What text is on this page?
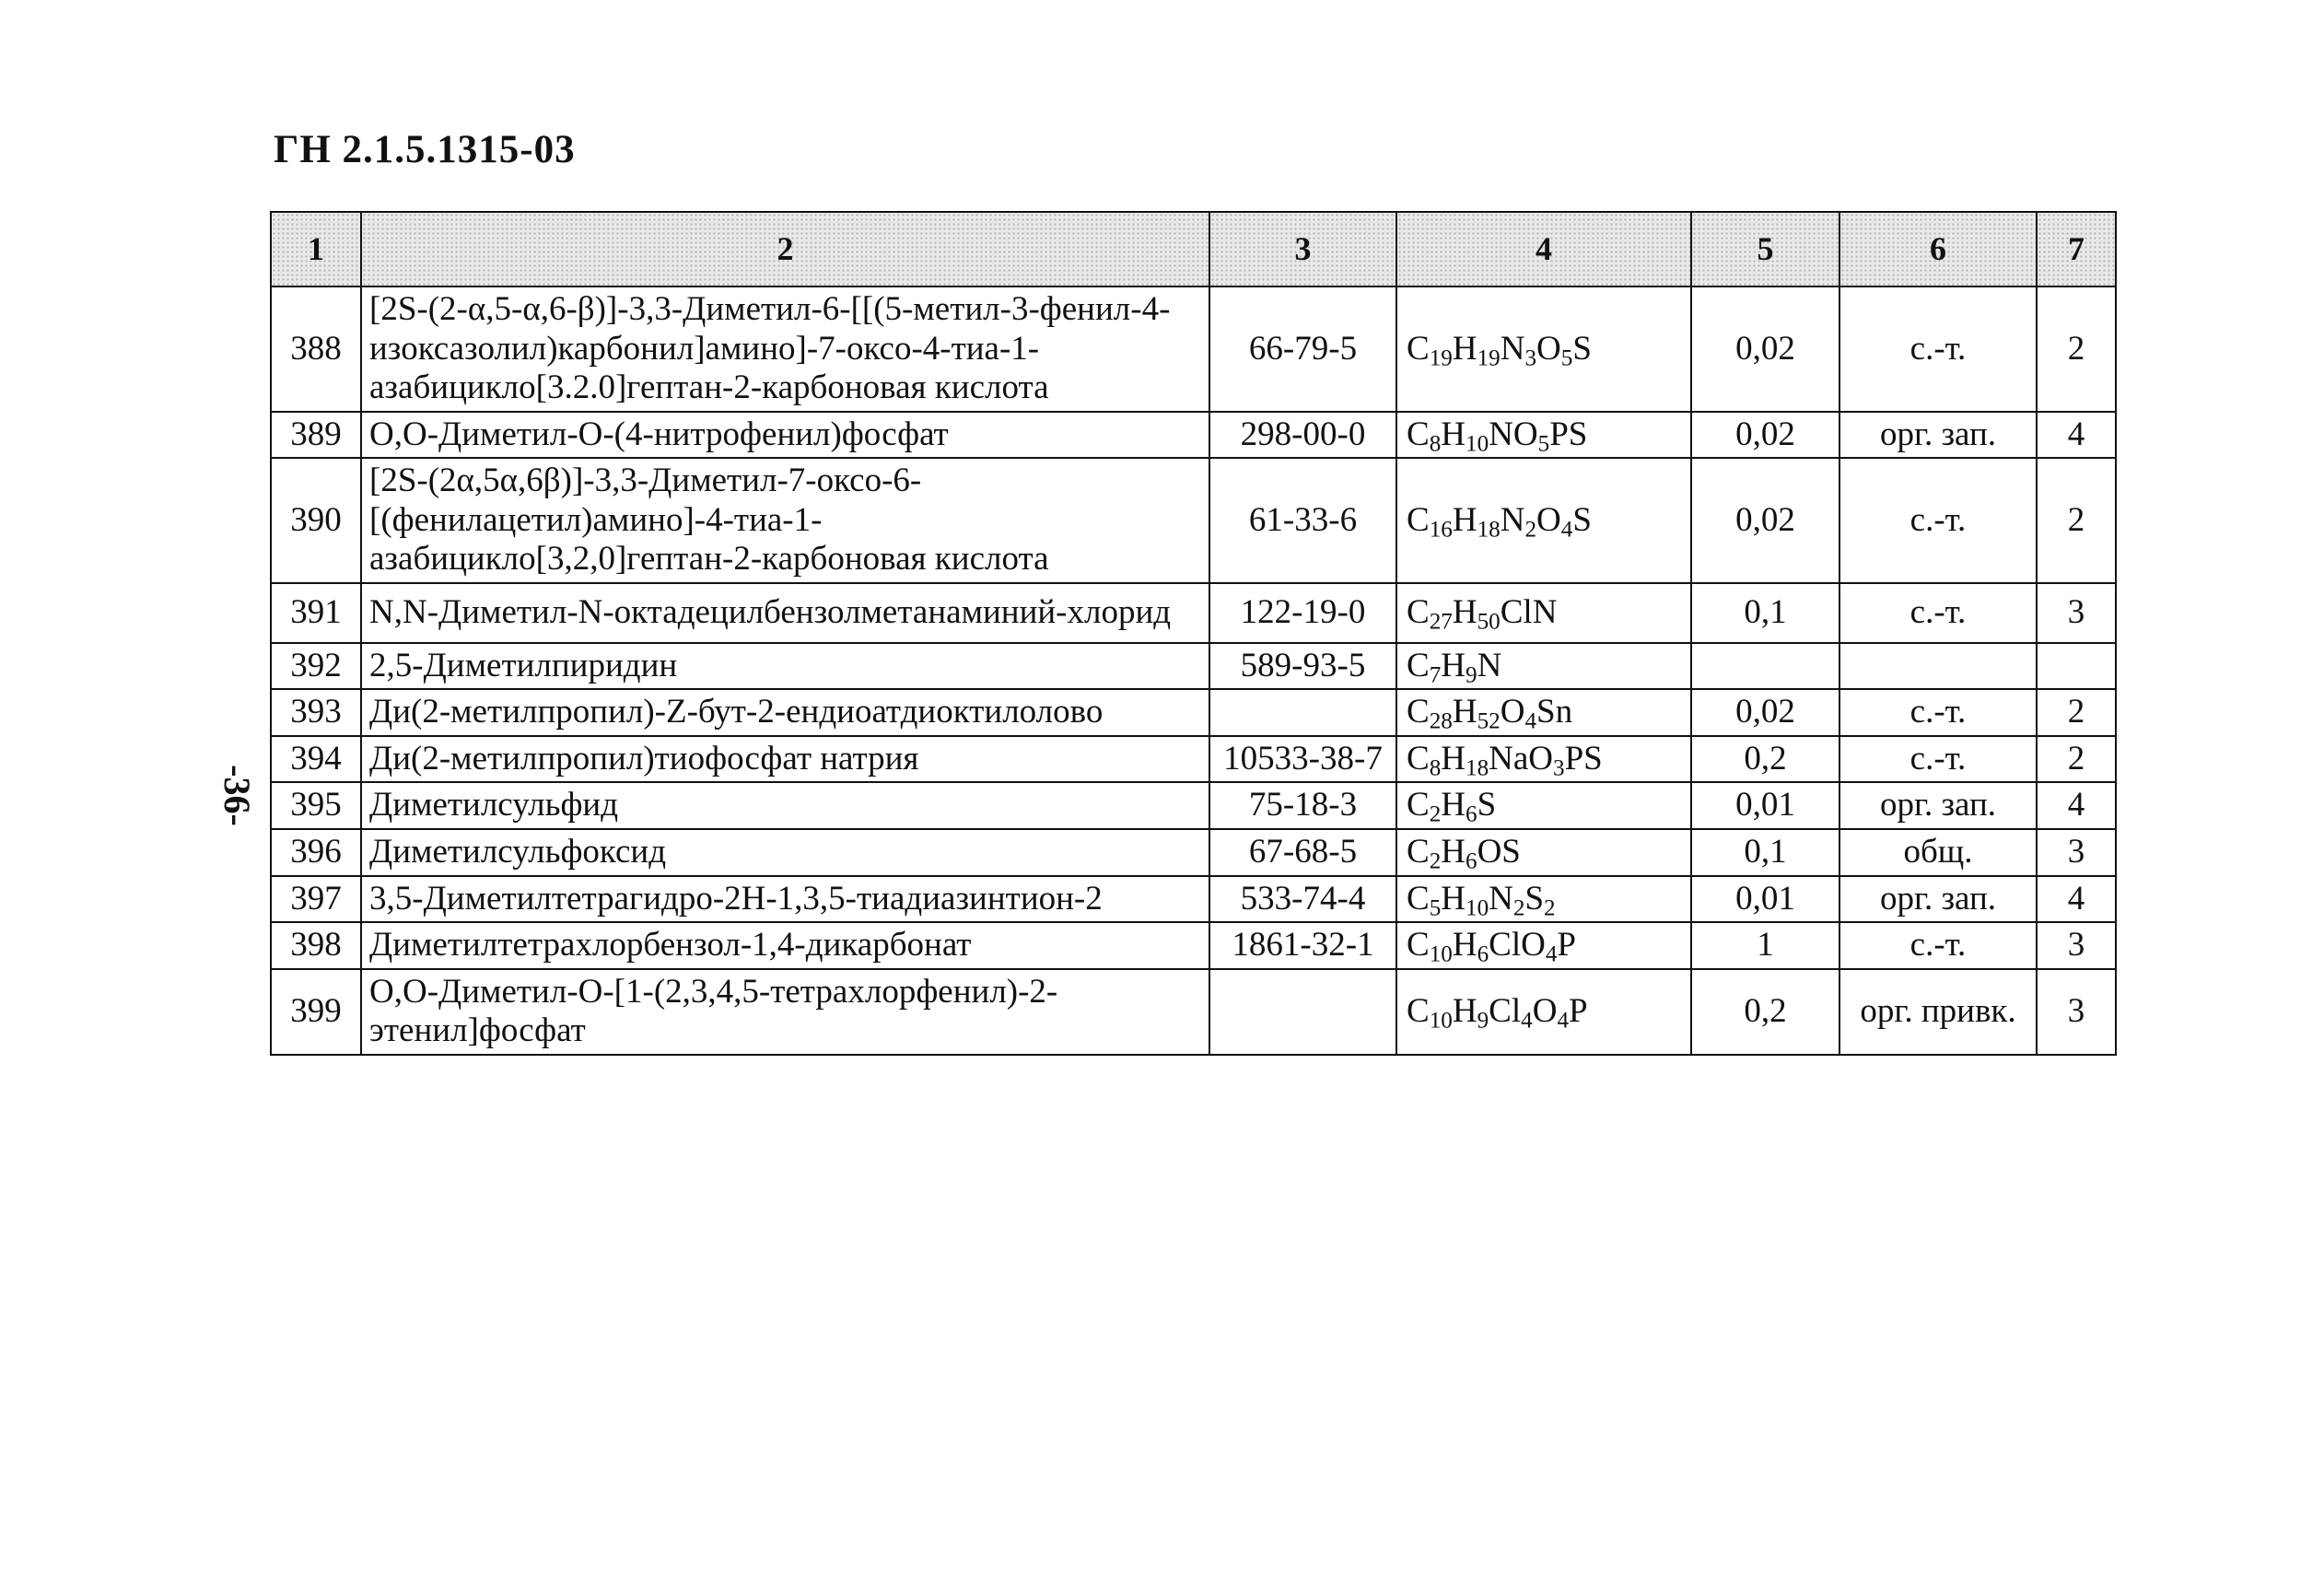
ГН 2.1.5.1315-03
-36-
1	2	3	4	5	6	7
388	[2S-(2-α,5-α,6-β)]-3,3-Диметил-6-[[(5-метил-3-фенил-4-изоксазолил)карбонил]амино]-7-оксо-4-тиа-1-азабицикло[3.2.0]гептан-2-карбоновая кислота	66-79-5	$C_{19}H_{19}N_3O_5S$	0,02	с.-т.	2
389	О,О-Диметил-О-(4-нитрофенил)фосфат	298-00-0	$C_8H_{10}NO_5PS$	0,02	орг. зап.	4
390	[2S-(2α,5α,6β)]-3,3-Диметил-7-оксо-6-[(фенилацетил)амино]-4-тиа-1-азабицикло[3,2,0]гептан-2-карбоновая кислота	61-33-6	$C_{16}H_{18}N_2O_4S$	0,02	с.-т.	2
391	N,N-Диметил-N-октадецилбензолметанаминий-хлорид	122-19-0	$C_{27}H_{50}ClN$	0,1	с.-т.	3
392	2,5-Диметилпиридин	589-93-5	$C_7H_9N$			
393	Ди(2-метилпропил)-Z-бут-2-ендиоатдиоктилолово		$C_{28}H_{52}O_4Sn$	0,02	с.-т.	2
394	Ди(2-метилпропил)тиофосфат натрия	10533-38-7	$C_8H_{18}NaO_3PS$	0,2	с.-т.	2
395	Диметилсульфид	75-18-3	$C_2H_6S$	0,01	орг. зап.	4
396	Диметилсульфоксид	67-68-5	$C_2H_6OS$	0,1	общ.	3
397	3,5-Диметилтетрагидро-2Н-1,3,5-тиадиазинтион-2	533-74-4	$C_5H_{10}N_2S_2$	0,01	орг. зап.	4
398	Диметилтетрахлорбензол-1,4-дикарбонат	1861-32-1	$C_{10}H_6ClO_4P$	1	с.-т.	3
399	О,О-Диметил-О-[1-(2,3,4,5-тетрахлорфенил)-2-этенил]фосфат		$C_{10}H_9Cl_4O_4P$	0,2	орг. привк.	3
